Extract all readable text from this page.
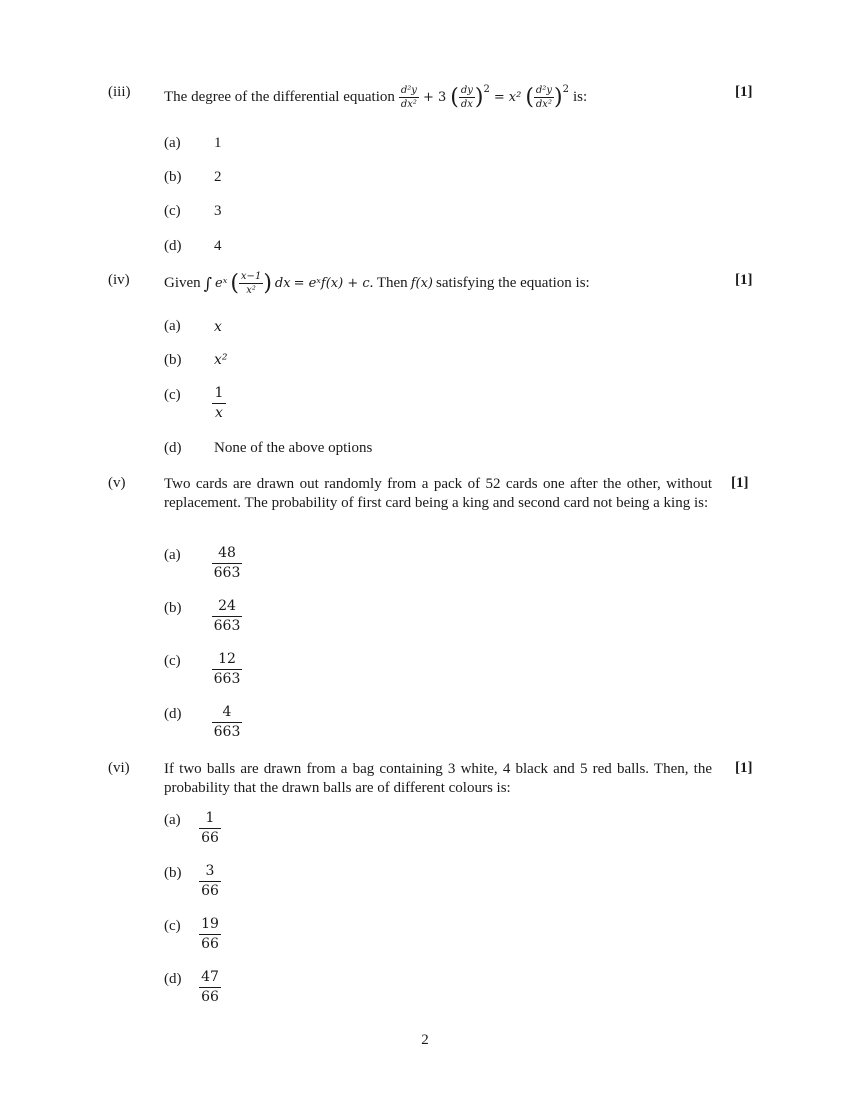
(iii)	[1]
The degree of the differential equation $\frac{\text{d²y}}{\text{dx²}} + 3$ ( $\frac{dy}{dx}$ ) 2
= x² ( $\frac{\text{d²y}}{\text{dx²}}$ ) 2 is:
(a) 1
(b) 2
(c) 3
(d) 4
(iv)	[1]
Given ∫ eˣ ( $\frac{x-1}{\text{x²}}$ ) dx = eˣf(x) + c . Then f(x) satisfying the equation is:
(a) x
(b) x²
$(c) \frac{1}{x}$
(d) None of the above options
(v)	[1]
Two cards are drawn out randomly from a pack of 52 cards one after the other, without replacement. The probability of first card being a king and second card not being a king is:
$(a) \frac{48}{663}$
$(b) \frac{24}{663}$
$(c) \frac{12}{663}$
$(d) \frac{4}{663}$
(vi)	[1]
If two balls are drawn from a bag containing 3 white, 4 black and 5 red balls. Then, the probability that the drawn balls are of different colours is:
$(a) \frac{1}{66}$
$(b) \frac{3}{66}$
$(c) \frac{19}{66}$
$(d) \frac{47}{66}$
2
